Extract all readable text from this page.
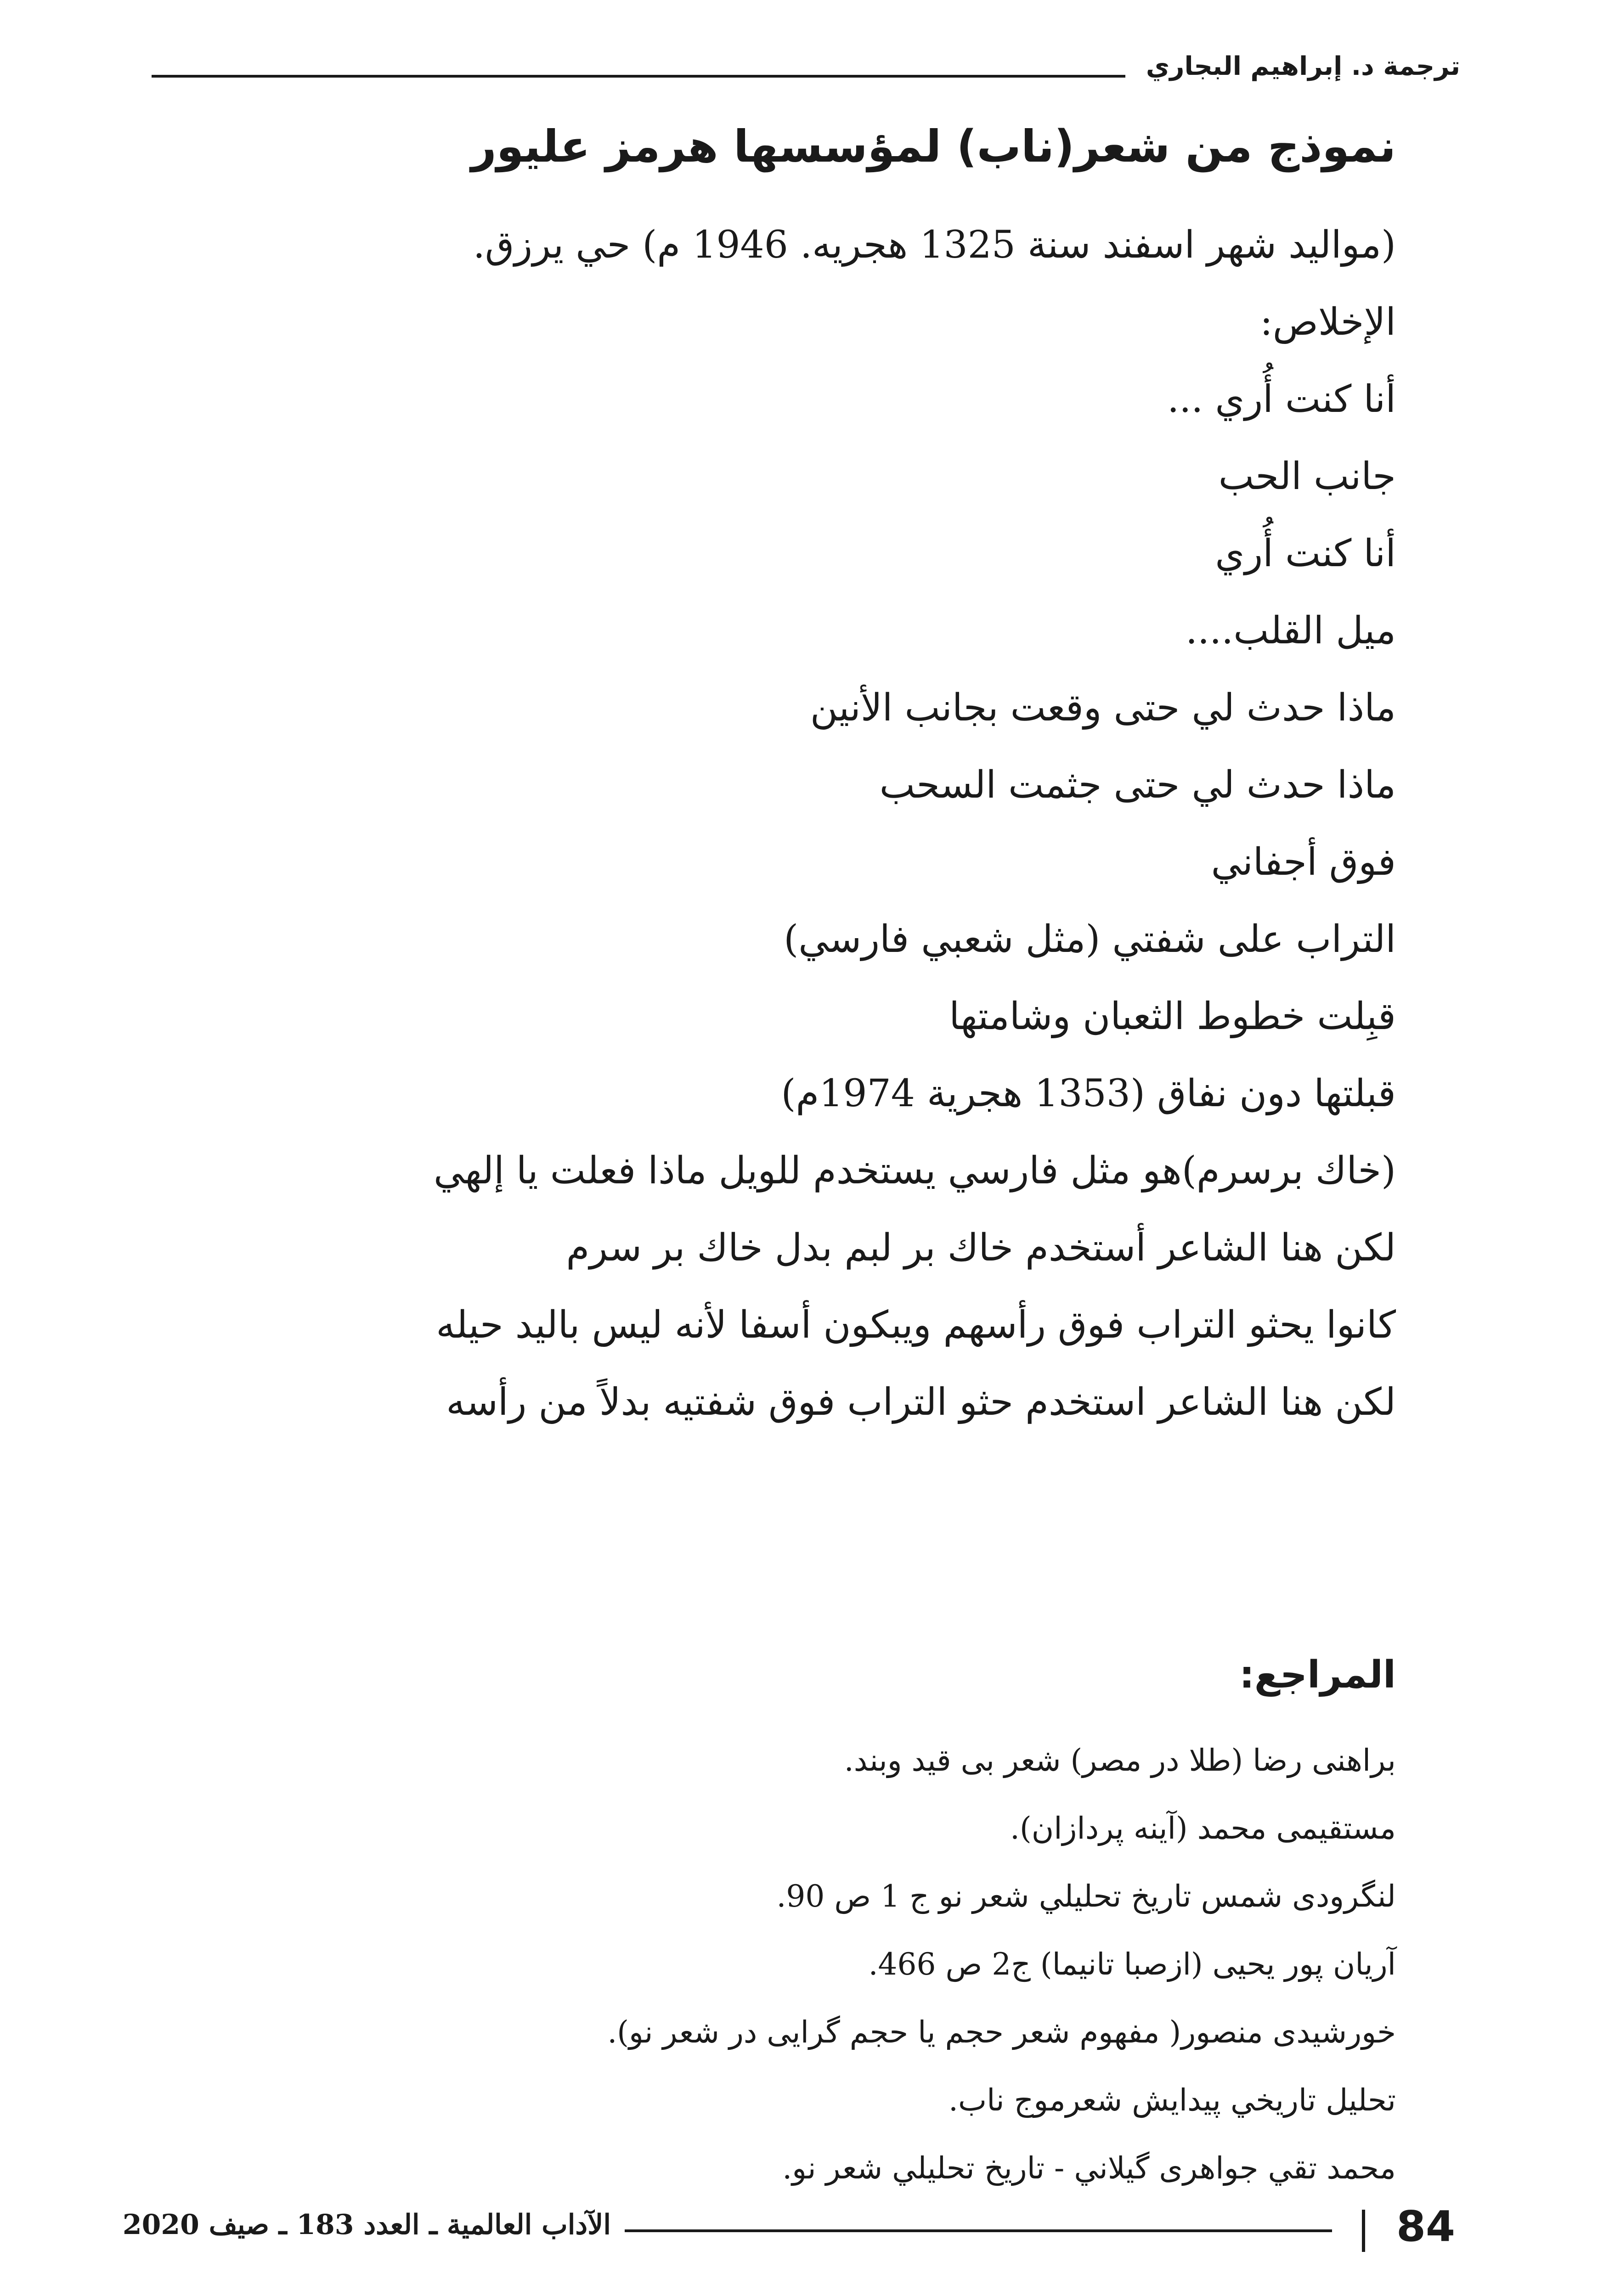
ترجمة د. إبراهيم البجاري
نموذج من شعر(ناب) لمؤسسها هرمز علي⁠ور
(مواليد شهر اسفند سنة 1325 هجريه. 1946 م) حي يرزق.
الإخلاص:
أنا كنت أُري ...
جانب الحب
أنا كنت أُري
ميل القلب....
ماذا حدث لي حتى وقعت بجانب الأنين
ماذا حدث لي حتى جثمت السحب
فوق أجفاني
التراب على شفتي (مثل شعبي فارسي)
قبِلت خطوط الثعبان وشامتها
قبلتها دون نفاق (1353 هجرية 1974م)
(خاك برسرم)هو مثل فارسي يستخدم للويل ماذا فعلت يا إلهي
لكن هنا الشاعر أستخدم خاك بر لبم بدل خاك بر سرم
كانوا يحثو التراب فوق رأسهم ويبكون أسفا لأنه ليس باليد حيله
لكن هنا الشاعر استخدم حثو التراب فوق شفتيه بدلاً من رأسه
المراجع:
براهنی رضا (طلا در مصر) شعر بی قید وبند.
مستقیمی محمد (آینه پردازان).
لنگرودی شمس تاریخ تحلیلي شعر نو ج 1 ص 90.
آریان پور یحیی (ازصبا تانیما) ج2 ص 466.
خورشیدی منصور( مفهوم شعر حجم یا حجم گرایی در شعر نو).
تحلیل تاریخي پیدایش شعرموج ناب.
محمد تقي جواهری گیلاني - تاریخ تحلیلي شعر نو.
84
الآداب العالمية ـ العدد 183 ـ صيف 2020
